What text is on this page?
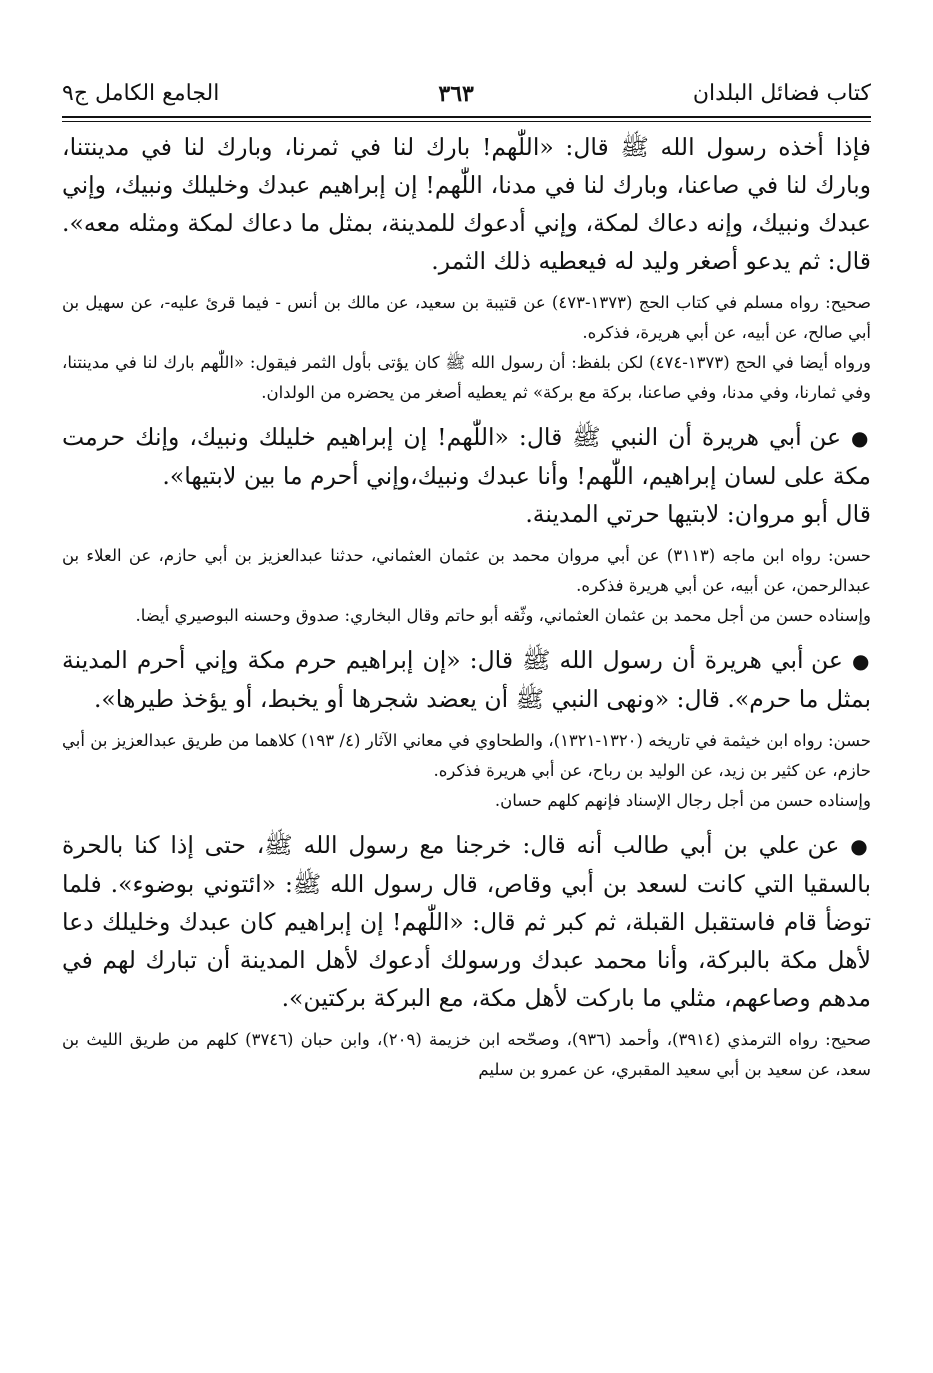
كتاب فضائل البلدان
٣٦٣
الجامع الكامل ج٩

فإذا أخذه رسول الله ﷺ قال: «اللّٰهم! بارك لنا في ثمرنا، وبارك لنا في مدينتنا، وبارك لنا في صاعنا، وبارك لنا في مدنا، اللّٰهم! إن إبراهيم عبدك وخليلك ونبيك، وإني عبدك ونبيك، وإنه دعاك لمكة، وإني أدعوك للمدينة، بمثل ما دعاك لمكة ومثله معه». قال: ثم يدعو أصغر وليد له فيعطيه ذلك الثمر.

صحيح: رواه مسلم في كتاب الحج (١٣٧٣-٤٧٣) عن قتيبة بن سعيد، عن مالك بن أنس - فيما قرئ عليه-، عن سهيل بن أبي صالح، عن أبيه، عن أبي هريرة، فذكره.

ورواه أيضا في الحج (١٣٧٣-٤٧٤) لكن بلفظ: أن رسول الله ﷺ كان يؤتى بأول الثمر فيقول: «اللّٰهم بارك لنا في مدينتنا، وفي ثمارنا، وفي مدنا، وفي صاعنا، بركة مع بركة» ثم يعطيه أصغر من يحضره من الولدان.

● عن أبي هريرة أن النبي ﷺ قال: «اللّٰهم! إن إبراهيم خليلك ونبيك، وإنك حرمت مكة على لسان إبراهيم، اللّٰهم! وأنا عبدك ونبيك،وإني أحرم ما بين لابتيها».

قال أبو مروان: لابتيها حرتي المدينة.

حسن: رواه ابن ماجه (٣١١٣) عن أبي مروان محمد بن عثمان العثماني، حدثنا عبدالعزيز بن أبي حازم، عن العلاء بن عبدالرحمن، عن أبيه، عن أبي هريرة فذكره.

وإسناده حسن من أجل محمد بن عثمان العثماني، وثّقه أبو حاتم وقال البخاري: صدوق وحسنه البوصيري أيضا.

● عن أبي هريرة أن رسول الله ﷺ قال: «إن إبراهيم حرم مكة وإني أحرم المدينة بمثل ما حرم». قال: «ونهى النبي ﷺ أن يعضد شجرها أو يخبط، أو يؤخذ طيرها».

حسن: رواه ابن خيثمة في تاريخه (١٣٢٠-١٣٢١)، والطحاوي في معاني الآثار (٤/ ١٩٣) كلاهما من طريق عبدالعزيز بن أبي حازم، عن كثير بن زيد، عن الوليد بن رباح، عن أبي هريرة فذكره.

وإسناده حسن من أجل رجال الإسناد فإنهم كلهم حسان.

● عن علي بن أبي طالب أنه قال: خرجنا مع رسول الله ﷺ، حتى إذا كنا بالحرة بالسقيا التي كانت لسعد بن أبي وقاص، قال رسول الله ﷺ: «ائتوني بوضوء». فلما توضأ قام فاستقبل القبلة، ثم كبر ثم قال: «اللّٰهم! إن إبراهيم كان عبدك وخليلك دعا لأهل مكة بالبركة، وأنا محمد عبدك ورسولك أدعوك لأهل المدينة أن تبارك لهم في مدهم وصاعهم، مثلي ما باركت لأهل مكة، مع البركة بركتين».

صحيح: رواه الترمذي (٣٩١٤)، وأحمد (٩٣٦)، وصحّحه ابن خزيمة (٢٠٩)، وابن حبان (٣٧٤٦) كلهم من طريق الليث بن سعد، عن سعيد بن أبي سعيد المقبري، عن عمرو بن سليم
